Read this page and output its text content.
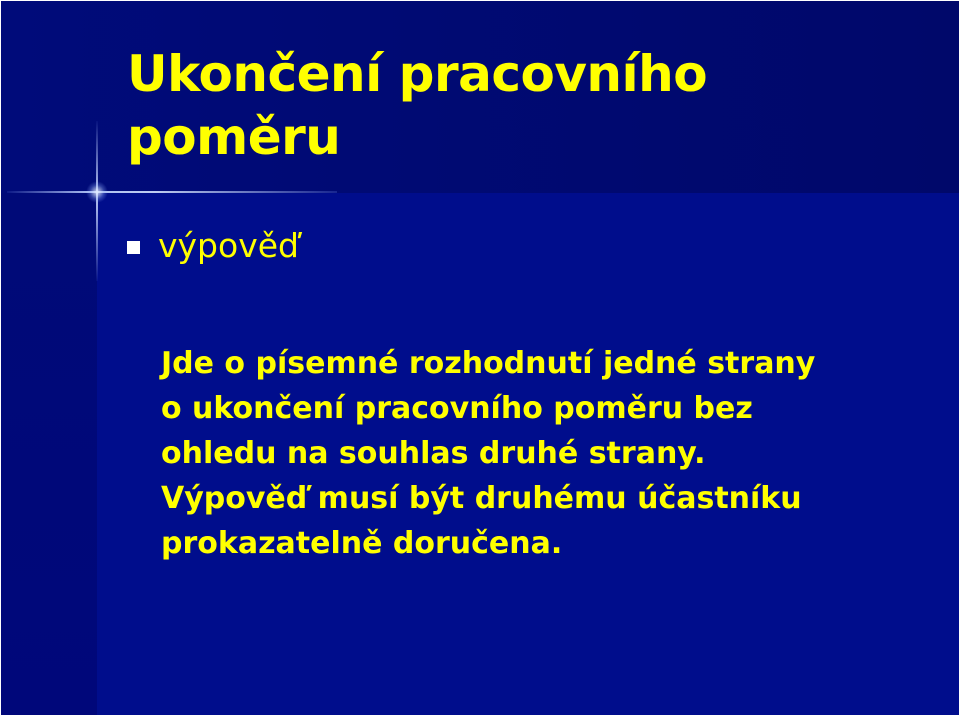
Ukončení pracovního
poměru
výpověď

Jde o písemné rozhodnutí jedné strany
o ukončení pracovního poměru bez
ohledu na souhlas druhé strany.
Výpověď musí být druhému účastníku
prokazatelně doručena.
